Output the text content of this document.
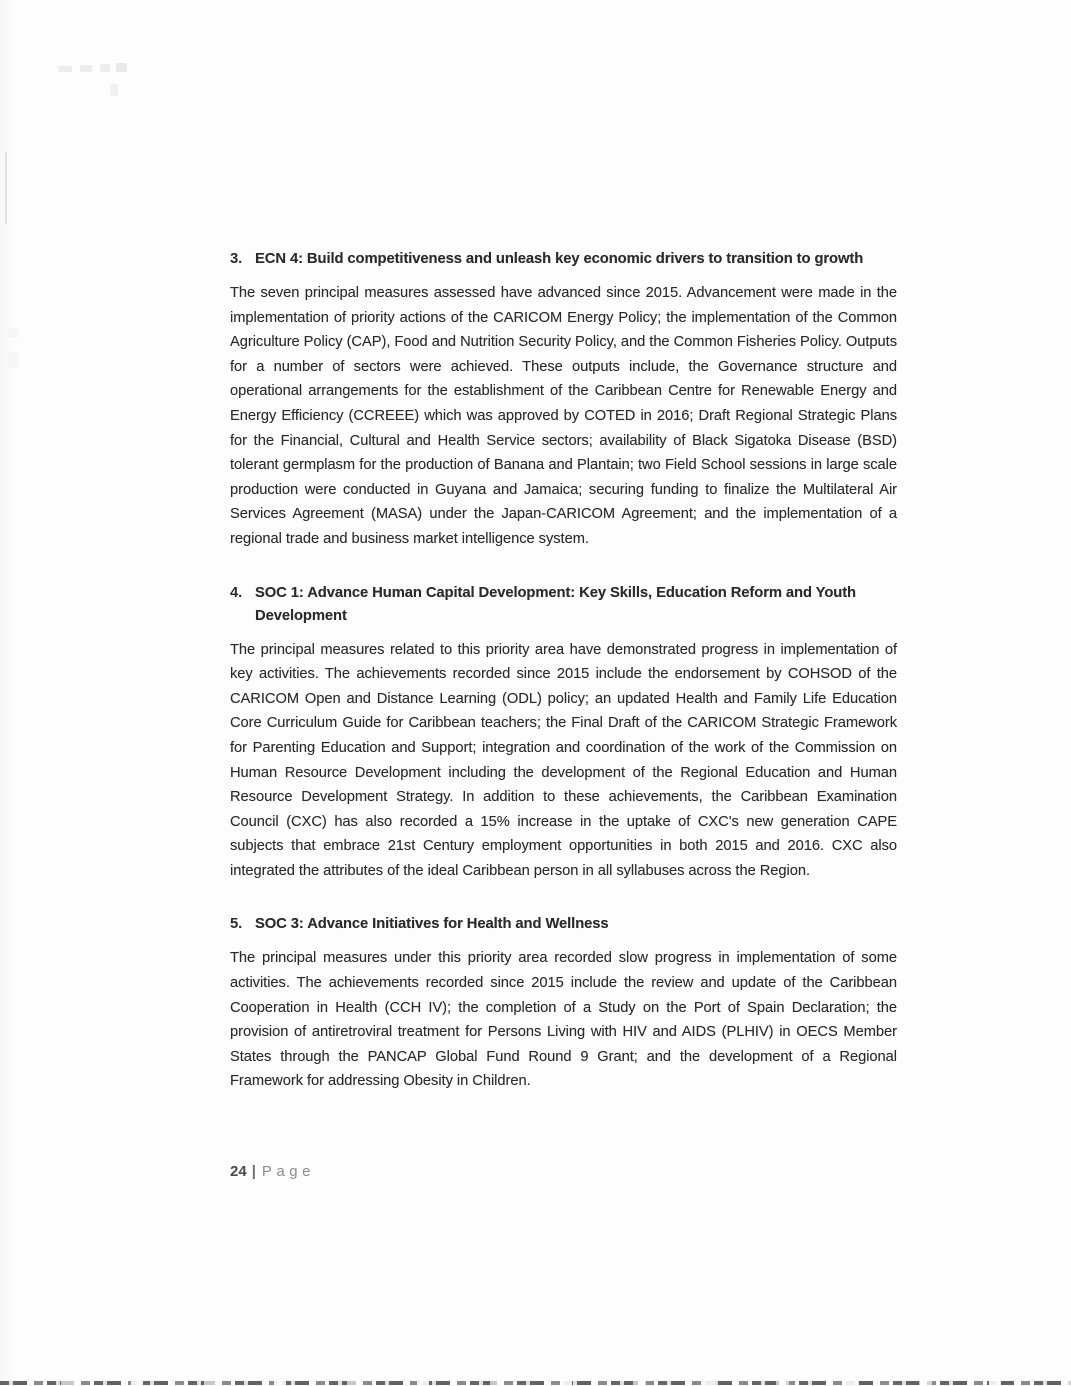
3. ECN 4: Build competitiveness and unleash key economic drivers to transition to growth

The seven principal measures assessed have advanced since 2015. Advancement were made in the implementation of priority actions of the CARICOM Energy Policy; the implementation of the Common Agriculture Policy (CAP), Food and Nutrition Security Policy, and the Common Fisheries Policy. Outputs for a number of sectors were achieved. These outputs include, the Governance structure and operational arrangements for the establishment of the Caribbean Centre for Renewable Energy and Energy Efficiency (CCREEE) which was approved by COTED in 2016; Draft Regional Strategic Plans for the Financial, Cultural and Health Service sectors; availability of Black Sigatoka Disease (BSD) tolerant germplasm for the production of Banana and Plantain; two Field School sessions in large scale production were conducted in Guyana and Jamaica; securing funding to finalize the Multilateral Air Services Agreement (MASA) under the Japan-CARICOM Agreement; and the implementation of a regional trade and business market intelligence system.

4. SOC 1: Advance Human Capital Development: Key Skills, Education Reform and Youth Development

The principal measures related to this priority area have demonstrated progress in implementation of key activities. The achievements recorded since 2015 include the endorsement by COHSOD of the CARICOM Open and Distance Learning (ODL) policy; an updated Health and Family Life Education Core Curriculum Guide for Caribbean teachers; the Final Draft of the CARICOM Strategic Framework for Parenting Education and Support; integration and coordination of the work of the Commission on Human Resource Development including the development of the Regional Education and Human Resource Development Strategy. In addition to these achievements, the Caribbean Examination Council (CXC) has also recorded a 15% increase in the uptake of CXC's new generation CAPE subjects that embrace 21st Century employment opportunities in both 2015 and 2016. CXC also integrated the attributes of the ideal Caribbean person in all syllabuses across the Region.

5. SOC 3: Advance Initiatives for Health and Wellness

The principal measures under this priority area recorded slow progress in implementation of some activities. The achievements recorded since 2015 include the review and update of the Caribbean Cooperation in Health (CCH IV); the completion of a Study on the Port of Spain Declaration; the provision of antiretroviral treatment for Persons Living with HIV and AIDS (PLHIV) in OECS Member States through the PANCAP Global Fund Round 9 Grant; and the development of a Regional Framework for addressing Obesity in Children.

24 | Page
